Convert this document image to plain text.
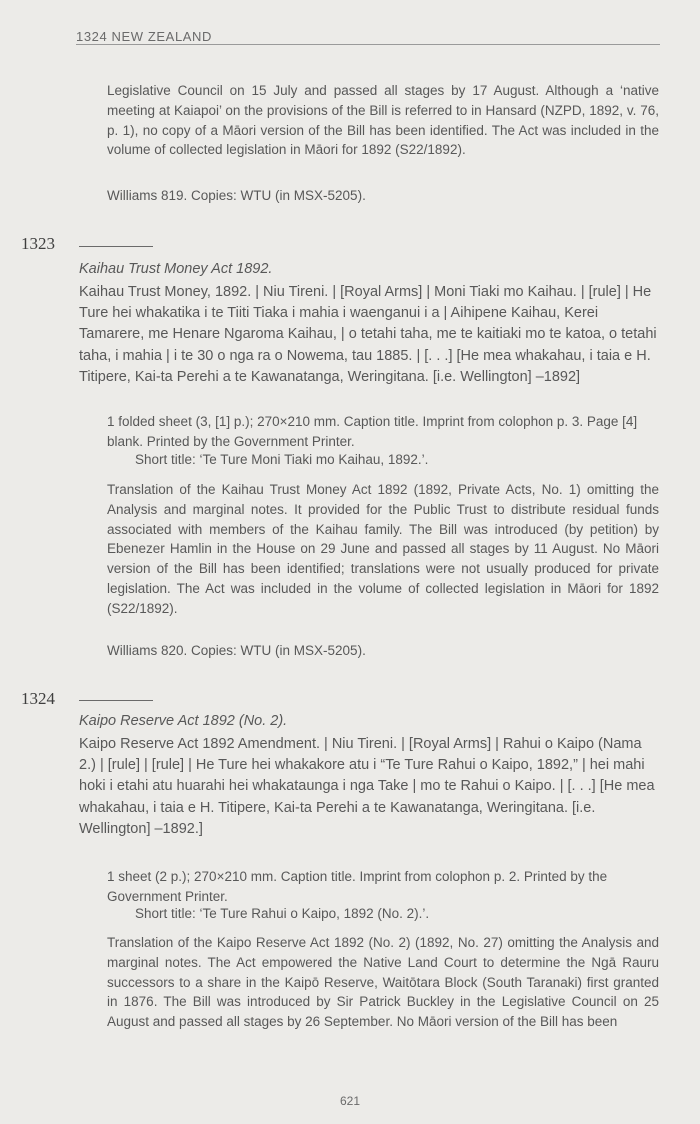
1324 NEW ZEALAND

Legislative Council on 15 July and passed all stages by 17 August. Although a ‘native meeting at Kaiapoi’ on the provisions of the Bill is referred to in Hansard (NZPD, 1892, v. 76, p. 1), no copy of a Māori version of the Bill has been identified. The Act was included in the volume of collected legislation in Māori for 1892 (S22/1892).

Williams 819. Copies: WTU (in MSX-5205).

1323

Kaihau Trust Money Act 1892.

Kaihau Trust Money, 1892. | Niu Tireni. | [Royal Arms] | Moni Tiaki mo Kaihau. | [rule] | He Ture hei whakatika i te Tiiti Tiaka i mahia i waenganui i a | Aihipene Kaihau, Kerei Tamarere, me Henare Ngaroma Kaihau, | o tetahi taha, me te kaitiaki mo te katoa, o tetahi taha, i mahia | i te 30 o nga ra o Nowema, tau 1885. | [. . .] [He mea whakahau, i taia e H. Titipere, Kai-ta Perehi a te Kawanatanga, Weringitana. [i.e. Wellington] –1892]

1 folded sheet (3, [1] p.); 270×210 mm. Caption title. Imprint from colophon p. 3. Page [4] blank. Printed by the Government Printer.

Short title: ‘Te Ture Moni Tiaki mo Kaihau, 1892.’.

Translation of the Kaihau Trust Money Act 1892 (1892, Private Acts, No. 1) omitting the Analysis and marginal notes. It provided for the Public Trust to distribute residual funds associated with members of the Kaihau family. The Bill was introduced (by petition) by Ebenezer Hamlin in the House on 29 June and passed all stages by 11 August. No Māori version of the Bill has been identified; translations were not usually produced for private legislation. The Act was included in the volume of collected legislation in Māori for 1892 (S22/1892).

Williams 820. Copies: WTU (in MSX-5205).

1324

Kaipo Reserve Act 1892 (No. 2).

Kaipo Reserve Act 1892 Amendment. | Niu Tireni. | [Royal Arms] | Rahui o Kaipo (Nama 2.) | [rule] | [rule] | He Ture hei whakakore atu i “Te Ture Rahui o Kaipo, 1892,” | hei mahi hoki i etahi atu huarahi hei whakataunga i nga Take | mo te Rahui o Kaipo. | [. . .] [He mea whakahau, i taia e H. Titipere, Kai-ta Perehi a te Kawanatanga, Weringitana. [i.e. Wellington] –1892.]

1 sheet (2 p.); 270×210 mm. Caption title. Imprint from colophon p. 2. Printed by the Government Printer.

Short title: ‘Te Ture Rahui o Kaipo, 1892 (No. 2).’.

Translation of the Kaipo Reserve Act 1892 (No. 2) (1892, No. 27) omitting the Analysis and marginal notes. The Act empowered the Native Land Court to determine the Ngā Rauru successors to a share in the Kaipō Reserve, Waitōtara Block (South Taranaki) first granted in 1876. The Bill was introduced by Sir Patrick Buckley in the Legislative Council on 25 August and passed all stages by 26 September. No Māori version of the Bill has been

621
